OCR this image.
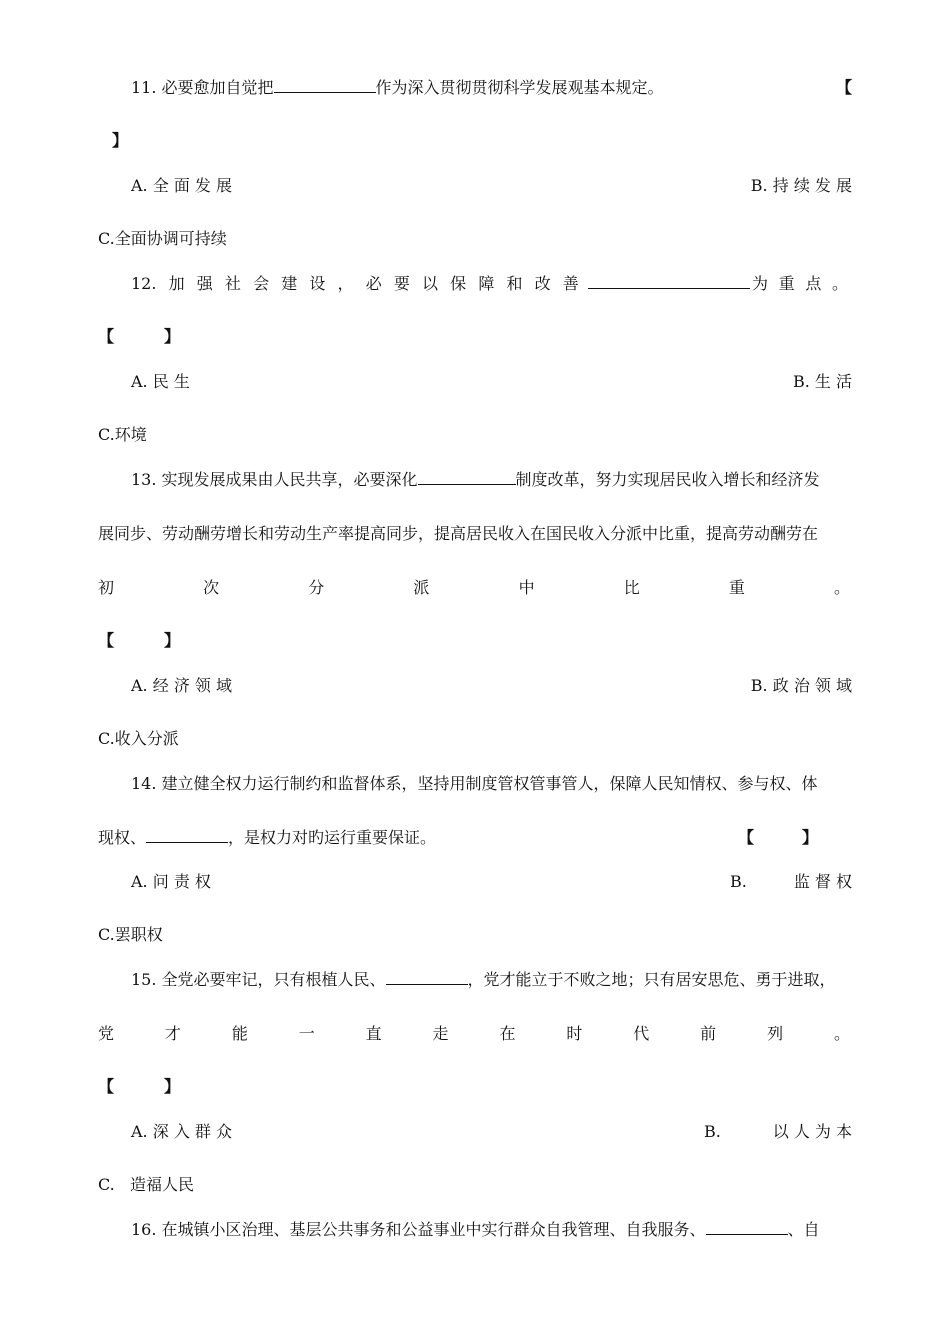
11. 必要愈加自觉把	作为深入贯彻贯彻科学发展观基本规定。	【
】
A. 全 面 发 展	B. 持 续 发 展
C.全面协调可持续
12. 加 强 社 会 建 设 ， 必 要 以 保 障 和 改 善	为 重 点 。
【	】
A. 民 生	B. 生 活
C.环境
13. 实现发展成果由人民共享，必要深化	制度改革，努力实现居民收入增长和经济发
展同步、劳动酬劳增长和劳动生产率提高同步，提高居民收入在国民收入分派中比重，提高劳动酬劳在
初	次	分	派	中	比	重	。
【	】
A. 经 济 领 域	B. 政 治 领 域
C.收入分派
14. 建立健全权力运行制约和监督体系，坚持用制度管权管事管人，保障人民知情权、参与权、体
现权、	，是权力对旳运行重要保证。	【	】
A. 问 责 权	B.	监 督 权
C.罢职权
15. 全党必要牢记，只有根植人民、	，党才能立于不败之地；只有居安思危、勇于进取，
党	才	能	一	直	走	在	时	代	前	列	。
【	】
A. 深 入 群 众	B.	以 人 为 本
C.   造福人民
16. 在城镇小区治理、基层公共事务和公益事业中实行群众自我管理、自我服务、	、自
